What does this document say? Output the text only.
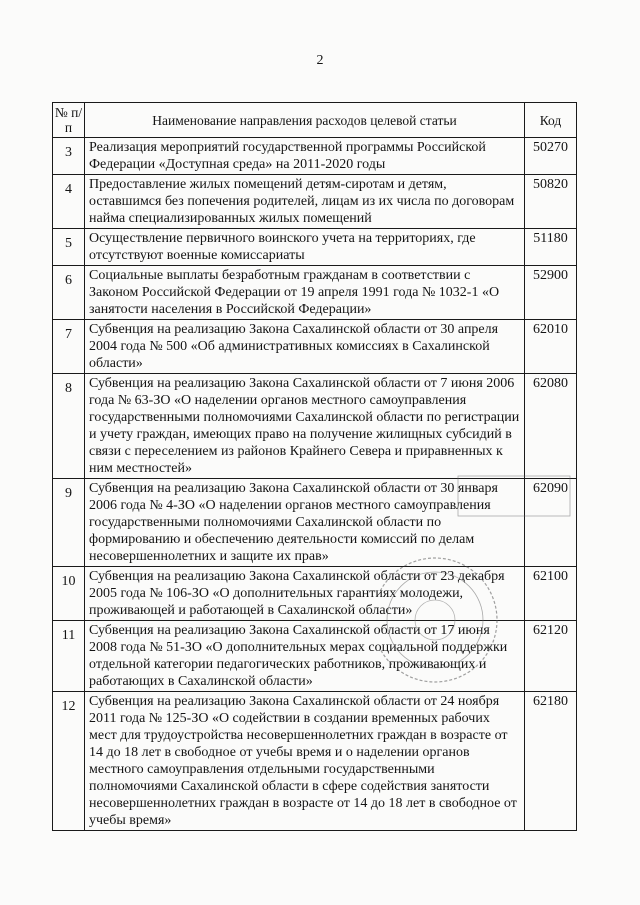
2
№ п/п	Наименование направления расходов целевой статьи	Код
3	Реализация мероприятий государственной программы Российской Федерации «Доступная среда» на 2011-2020 годы	50270
4	Предоставление жилых помещений детям-сиротам и детям, оставшимся без попечения родителей, лицам из их числа по договорам найма специализированных жилых помещений	50820
5	Осуществление первичного воинского учета на территориях, где отсутствуют военные комиссариаты	51180
6	Социальные выплаты безработным гражданам в соответствии с Законом Российской Федерации от 19 апреля 1991 года № 1032-1 «О занятости населения в Российской Федерации»	52900
7	Субвенция на реализацию Закона Сахалинской области от 30 апреля 2004 года № 500 «Об административных комиссиях в Сахалинской области»	62010
8	Субвенция на реализацию Закона Сахалинской области от 7 июня 2006 года № 63-ЗО «О наделении органов местного самоуправления государственными полномочиями Сахалинской области по регистрации и учету граждан, имеющих право на получение жилищных субсидий в связи с переселением из районов Крайнего Севера и приравненных к ним местностей»	62080
9	Субвенция на реализацию Закона Сахалинской области от 30 января 2006 года № 4-ЗО «О наделении органов местного самоуправления государственными полномочиями Сахалинской области по формированию и обеспечению деятельности комиссий по делам несовершеннолетних и защите их прав»	62090
10	Субвенция на реализацию Закона Сахалинской области от 23 декабря 2005 года № 106-ЗО «О дополнительных гарантиях молодежи, проживающей и работающей в Сахалинской области»	62100
11	Субвенция на реализацию Закона Сахалинской области от 17 июня 2008 года № 51-ЗО «О дополнительных мерах социальной поддержки отдельной категории педагогических работников, проживающих и работающих в Сахалинской области»	62120
12	Субвенция на реализацию Закона Сахалинской области от 24 ноября 2011 года № 125-ЗО «О содействии в создании временных рабочих мест для трудоустройства несовершеннолетних граждан в возрасте от 14 до 18 лет в свободное от учебы время и о наделении органов местного самоуправления отдельными государственными полномочиями Сахалинской области в сфере содействия занятости несовершеннолетних граждан в возрасте от 14 до 18 лет в свободное от учебы время»	62180
